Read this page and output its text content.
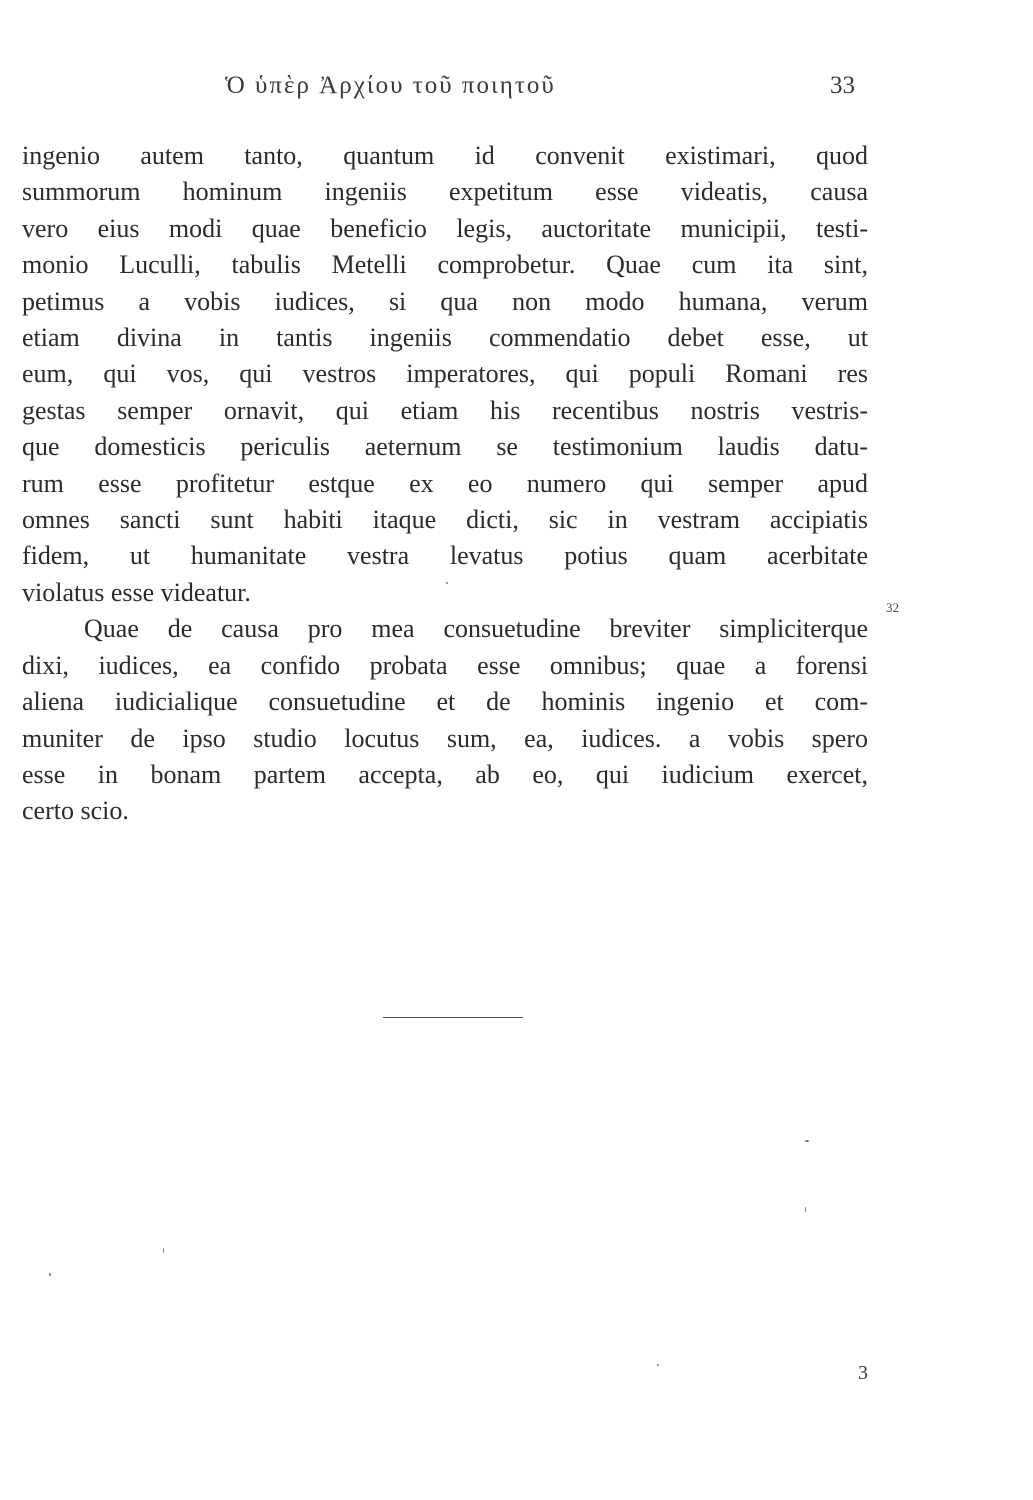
Ὁ ὑπὲρ Ἀρχίου τοῦ ποιητοῦ	33
ingenio autem tanto, quantum id convenit existimari, quod
summorum hominum ingeniis expetitum esse videatis, causa
vero eius modi quae beneficio legis, auctoritate municipii, testi-
monio Luculli, tabulis Metelli comprobetur. Quae cum ita sint,
petimus a vobis iudices, si qua non modo humana, verum
etiam divina in tantis ingeniis commendatio debet esse, ut
eum, qui vos, qui vestros imperatores, qui populi Romani res
gestas semper ornavit, qui etiam his recentibus nostris vestris-
que domesticis periculis aeternum se testimonium laudis datu-
rum esse profitetur estque ex eo numero qui semper apud
omnes sancti sunt habiti itaque dicti, sic in vestram accipiatis
fidem, ut humanitate vestra levatus potius quam acerbitate
violatus esse videatur.
Quae de causa pro mea consuetudine breviter simpliciterque
dixi, iudices, ea confido probata esse omnibus; quae a forensi
aliena iudicialique consuetudine et de hominis ingenio et com-
muniter de ipso studio locutus sum, ea, iudices. a vobis spero
esse in bonam partem accepta, ab eo, qui iudicium exercet,
certo scio.
32
3
